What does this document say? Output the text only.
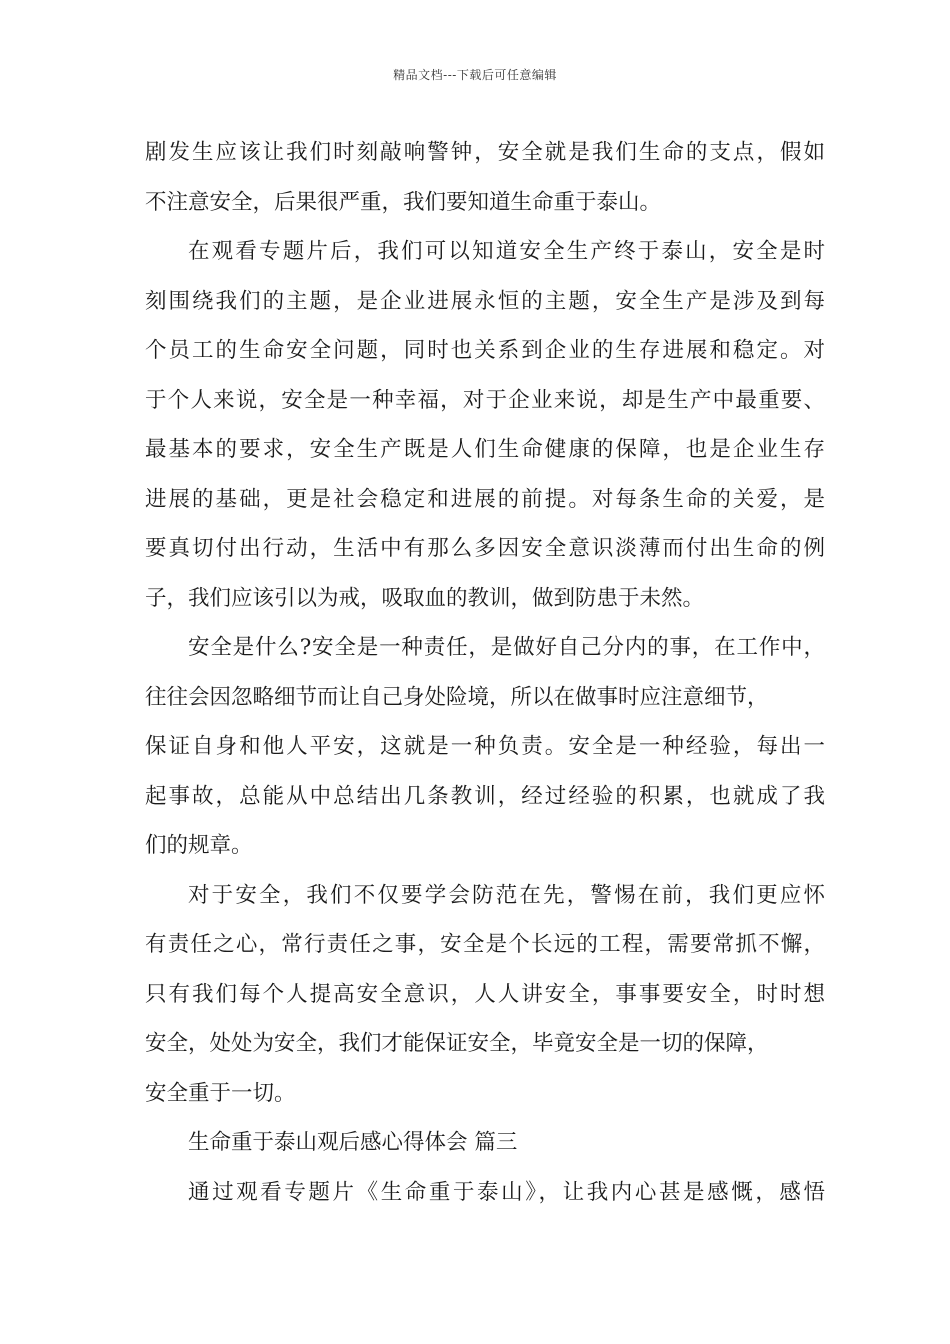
精品文档---下载后可任意编辑
剧发生应该让我们时刻敲响警钟，安全就是我们生命的支点，假如
不注意安全，后果很严重，我们要知道生命重于泰山。
在观看专题片后，我们可以知道安全生产终于泰山，安全是时
刻围绕我们的主题，是企业进展永恒的主题，安全生产是涉及到每
个员工的生命安全问题，同时也关系到企业的生存进展和稳定。对
于个人来说，安全是一种幸福，对于企业来说，却是生产中最重要、
最基本的要求，安全生产既是人们生命健康的保障，也是企业生存
进展的基础，更是社会稳定和进展的前提。对每条生命的关爱，是
要真切付出行动，生活中有那么多因安全意识淡薄而付出生命的例
子，我们应该引以为戒，吸取血的教训，做到防患于未然。
安全是什么?安全是一种责任，是做好自己分内的事，在工作中，
往往会因忽略细节而让自己身处险境，所以在做事时应注意细节，
保证自身和他人平安，这就是一种负责。安全是一种经验，每出一
起事故，总能从中总结出几条教训，经过经验的积累，也就成了我
们的规章。
对于安全，我们不仅要学会防范在先，警惕在前，我们更应怀
有责任之心，常行责任之事，安全是个长远的工程，需要常抓不懈，
只有我们每个人提高安全意识，人人讲安全，事事要安全，时时想
安全，处处为安全，我们才能保证安全，毕竟安全是一切的保障，
安全重于一切。
生命重于泰山观后感心得体会 篇三
通过观看专题片《生命重于泰山》，让我内心甚是感慨，感悟
